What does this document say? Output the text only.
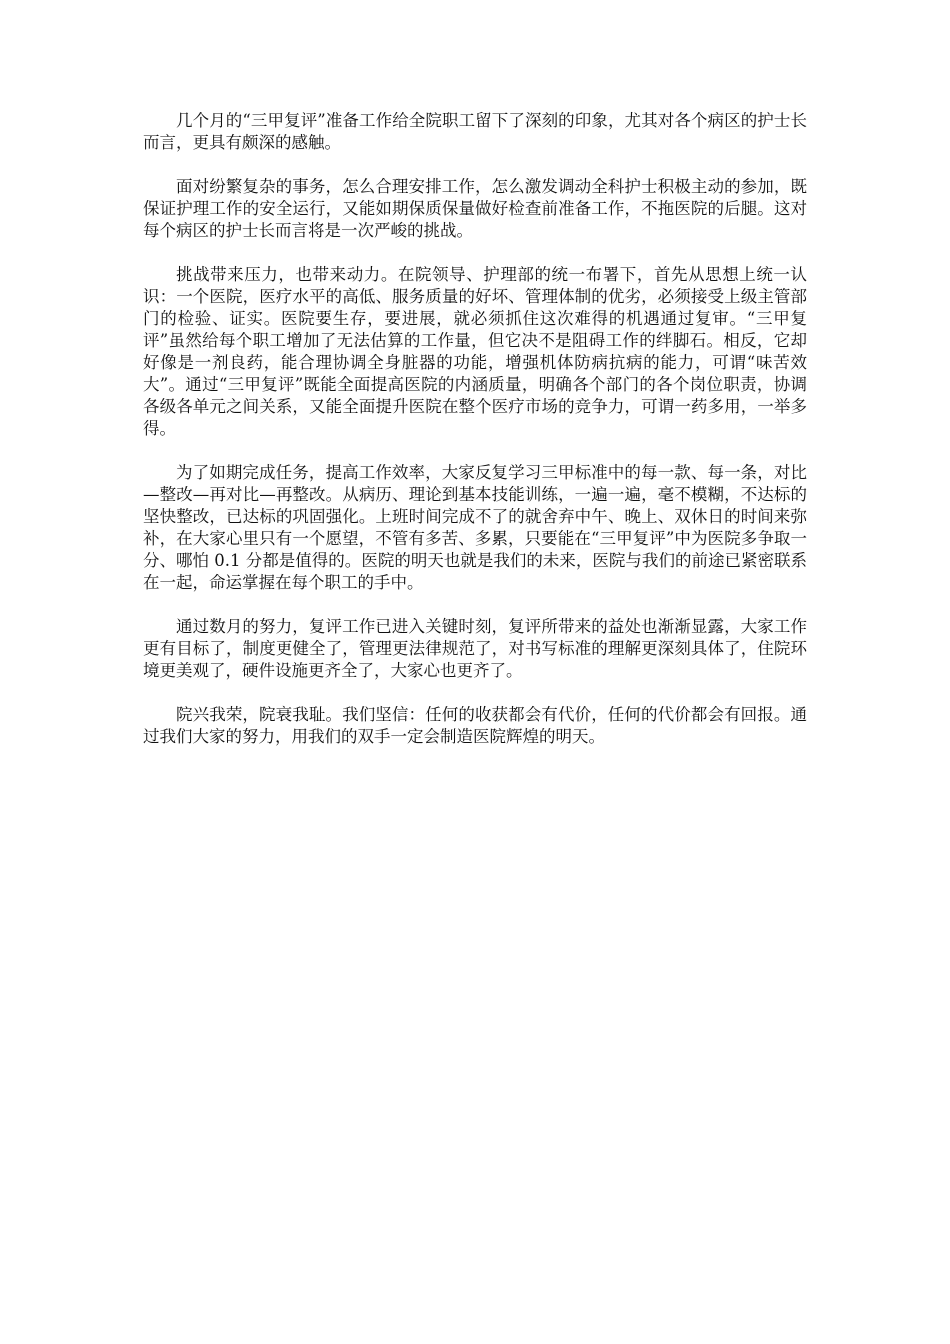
几个月的“三甲复评”准备工作给全院职工留下了深刻的印象，尤其对各个病区的护士长而言，更具有颇深的感触。

面对纷繁复杂的事务，怎么合理安排工作，怎么激发调动全科护士积极主动的参加，既保证护理工作的安全运行，又能如期保质保量做好检查前准备工作，不拖医院的后腿。这对每个病区的护士长而言将是一次严峻的挑战。

挑战带来压力，也带来动力。在院领导、护理部的统一布署下，首先从思想上统一认识：一个医院，医疗水平的高低、服务质量的好坏、管理体制的优劣，必须接受上级主管部门的检验、证实。医院要生存，要进展，就必须抓住这次难得的机遇通过复审。“三甲复评”虽然给每个职工增加了无法估算的工作量，但它决不是阻碍工作的绊脚石。相反，它却好像是一剂良药，能合理协调全身脏器的功能，增强机体防病抗病的能力，可谓“味苦效大”。通过“三甲复评”既能全面提高医院的内涵质量，明确各个部门的各个岗位职责，协调各级各单元之间关系，又能全面提升医院在整个医疗市场的竞争力，可谓一药多用，一举多得。

为了如期完成任务，提高工作效率，大家反复学习三甲标准中的每一款、每一条，对比—整改—再对比—再整改。从病历、理论到基本技能训练，一遍一遍，毫不模糊，不达标的坚快整改，已达标的巩固强化。上班时间完成不了的就舍弃中午、晚上、双休日的时间来弥补，在大家心里只有一个愿望，不管有多苦、多累，只要能在“三甲复评”中为医院多争取一分、哪怕 0.1 分都是值得的。医院的明天也就是我们的未来，医院与我们的前途已紧密联系在一起，命运掌握在每个职工的手中。

通过数月的努力，复评工作已进入关键时刻，复评所带来的益处也渐渐显露，大家工作更有目标了，制度更健全了，管理更法律规范了，对书写标准的理解更深刻具体了，住院环境更美观了，硬件设施更齐全了，大家心也更齐了。

院兴我荣，院衰我耻。我们坚信：任何的收获都会有代价，任何的代价都会有回报。通过我们大家的努力，用我们的双手一定会制造医院辉煌的明天。
